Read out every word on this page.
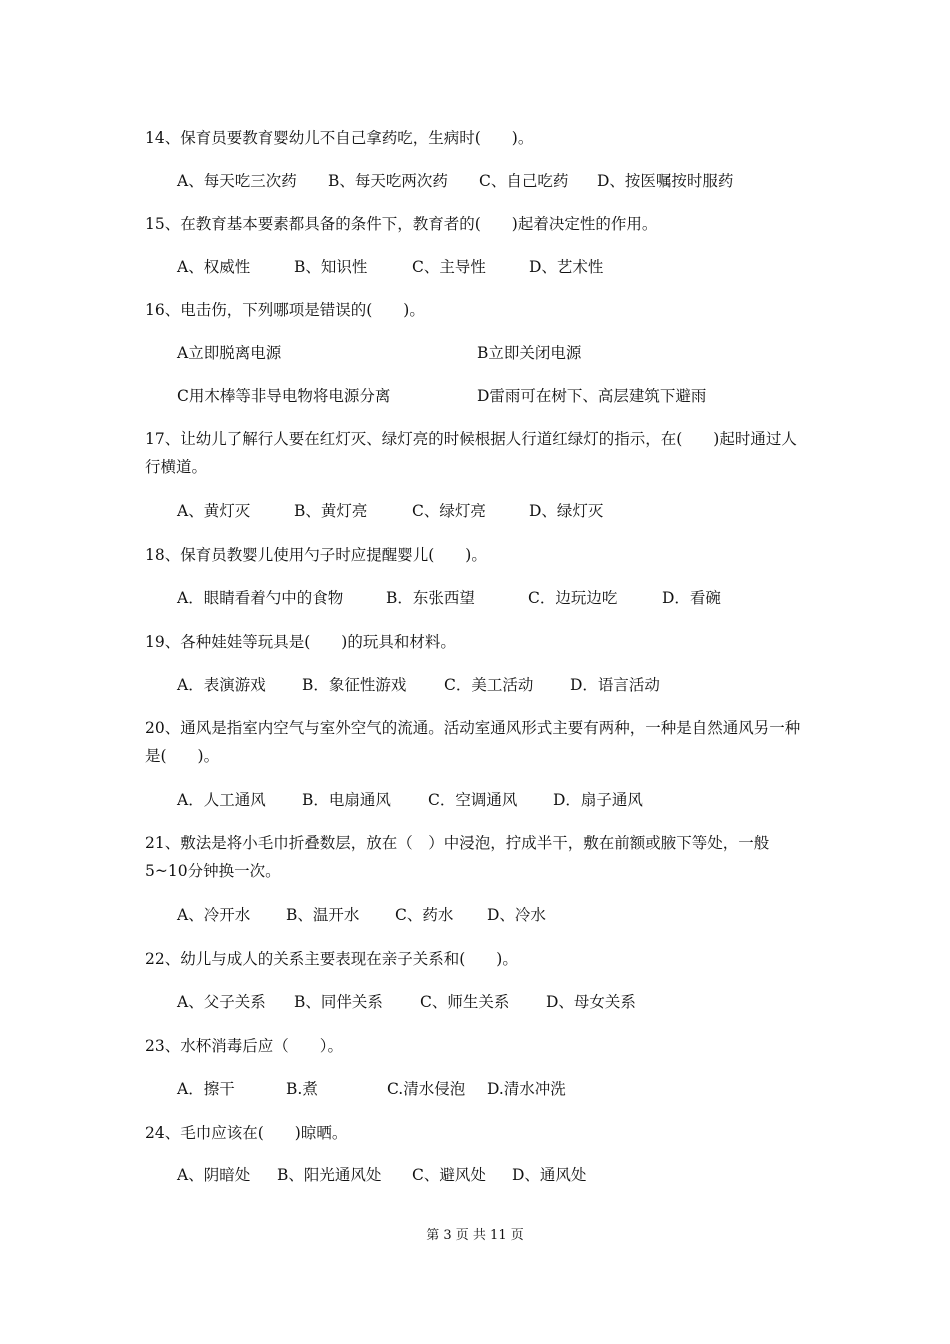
14、保育员要教育婴幼儿不自己拿药吃，生病时(　　)。
A、每天吃三次药 B、每天吃两次药 C、自己吃药 D、按医嘱按时服药
15、在教育基本要素都具备的条件下，教育者的(　　)起着决定性的作用。
A、权威性	B、知识性	C、主导性	D、艺术性
16、电击伤，下列哪项是错误的(　　)。
A立即脱离电源	B立即关闭电源
C用木棒等非导电物将电源分离	D雷雨可在树下、高层建筑下避雨
17、让幼儿了解行人要在红灯灭、绿灯亮的时候根据人行道红绿灯的指示，在(　　)起时通过人行横道。
A、黄灯灭	B、黄灯亮	C、绿灯亮	D、绿灯灭
18、保育员教婴儿使用勺子时应提醒婴儿(　　)。
A．眼睛看着勺中的食物	B．东张西望	C．边玩边吃	D．看碗
19、各种娃娃等玩具是(　　)的玩具和材料。
A．表演游戏 B．象征性游戏 C．美工活动 D．语言活动
20、通风是指室内空气与室外空气的流通。活动室通风形式主要有两种，一种是自然通风另一种是(　　)。
A．人工通风 B．电扇通风 C．空调通风 D．扇子通风
21、敷法是将小毛巾折叠数层，放在（　）中浸泡，拧成半干，敷在前额或腋下等处，一般5~10分钟换一次。
A、冷开水 B、温开水 C、药水 D、冷水
22、幼儿与成人的关系主要表现在亲子关系和(　　)。
A、父子关系 B、同伴关系 C、师生关系 D、母女关系
23、水杯消毒后应（　　）。
A．擦干	B.煮	C.清水侵泡 D.清水冲洗
24、毛巾应该在(　　)晾晒。
A、阴暗处 B、阳光通风处 C、避风处 D、通风处
第 3 页 共 11 页
